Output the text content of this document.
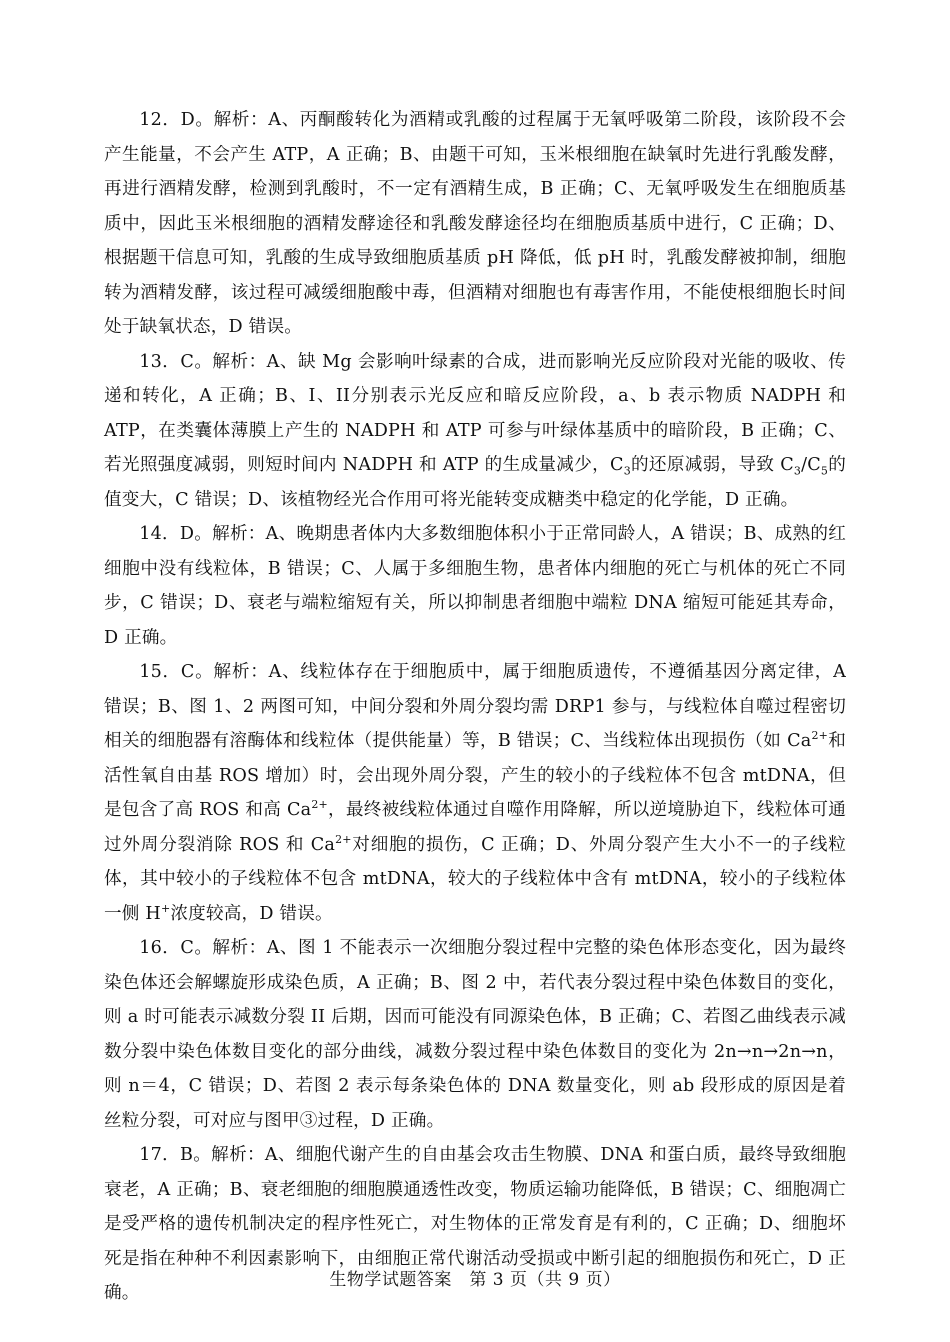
12．D。解析：A、丙酮酸转化为酒精或乳酸的过程属于无氧呼吸第二阶段，该阶段不会产生能量，不会产生 ATP，A 正确；B、由题干可知，玉米根细胞在缺氧时先进行乳酸发酵，再进行酒精发酵，检测到乳酸时，不一定有酒精生成，B 正确；C、无氧呼吸发生在细胞质基质中，因此玉米根细胞的酒精发酵途径和乳酸发酵途径均在细胞质基质中进行，C 正确；D、根据题干信息可知，乳酸的生成导致细胞质基质 pH 降低，低 pH 时，乳酸发酵被抑制，细胞转为酒精发酵，该过程可减缓细胞酸中毒，但酒精对细胞也有毒害作用，不能使根细胞长时间处于缺氧状态，D 错误。

13．C。解析：A、缺 Mg 会影响叶绿素的合成，进而影响光反应阶段对光能的吸收、传递和转化，A 正确；B、I、II分别表示光反应和暗反应阶段，a、b 表示物质 NADPH 和 ATP，在类囊体薄膜上产生的 NADPH 和 ATP 可参与叶绿体基质中的暗阶段，B 正确；C、若光照强度减弱，则短时间内 NADPH 和 ATP 的生成量减少，$C_3$的还原减弱，导致 $C_3/C_5$的值变大，C 错误；D、该植物经光合作用可将光能转变成糖类中稳定的化学能，D 正确。

14．D。解析：A、晚期患者体内大多数细胞体积小于正常同龄人，A 错误；B、成熟的红细胞中没有线粒体，B 错误；C、人属于多细胞生物，患者体内细胞的死亡与机体的死亡不同步，C 错误；D、衰老与端粒缩短有关，所以抑制患者细胞中端粒 DNA 缩短可能延其寿命，D 正确。

15．C。解析：A、线粒体存在于细胞质中，属于细胞质遗传，不遵循基因分离定律，A 错误；B、图 1、2 两图可知，中间分裂和外周分裂均需 DRP1 参与，与线粒体自噬过程密切相关的细胞器有溶酶体和线粒体（提供能量）等，B 错误；C、当线粒体出现损伤（如 $Ca^{2+}$和活性氧自由基 ROS 增加）时，会出现外周分裂，产生的较小的子线粒体不包含 mtDNA，但是包含了高 ROS 和高 $Ca^{2+}$，最终被线粒体通过自噬作用降解，所以逆境胁迫下，线粒体可通过外周分裂消除 ROS 和 $Ca^{2+}$对细胞的损伤，C 正确；D、外周分裂产生大小不一的子线粒体，其中较小的子线粒体不包含 mtDNA，较大的子线粒体中含有 mtDNA，较小的子线粒体一侧 H+浓度较高，D 错误。

16．C。解析：A、图 1 不能表示一次细胞分裂过程中完整的染色体形态变化，因为最终染色体还会解螺旋形成染色质，A 正确；B、图 2 中，若代表分裂过程中染色体数目的变化，则 a 时可能表示减数分裂 II 后期，因而可能没有同源染色体，B 正确；C、若图乙曲线表示减数分裂中染色体数目变化的部分曲线，减数分裂过程中染色体数目的变化为 2n→n→2n→n，则 n＝4，C 错误；D、若图 2 表示每条染色体的 DNA 数量变化，则 ab 段形成的原因是着丝粒分裂，可对应与图甲③过程，D 正确。

17．B。解析：A、细胞代谢产生的自由基会攻击生物膜、DNA 和蛋白质，最终导致细胞衰老，A 正确；B、衰老细胞的细胞膜通透性改变，物质运输功能降低，B 错误；C、细胞凋亡是受严格的遗传机制决定的程序性死亡，对生物体的正常发育是有利的，C 正确；D、细胞坏死是指在种种不利因素影响下，由细胞正常代谢活动受损或中断引起的细胞损伤和死亡，D 正确。

生物学试题答案　第 3 页（共 9 页）
